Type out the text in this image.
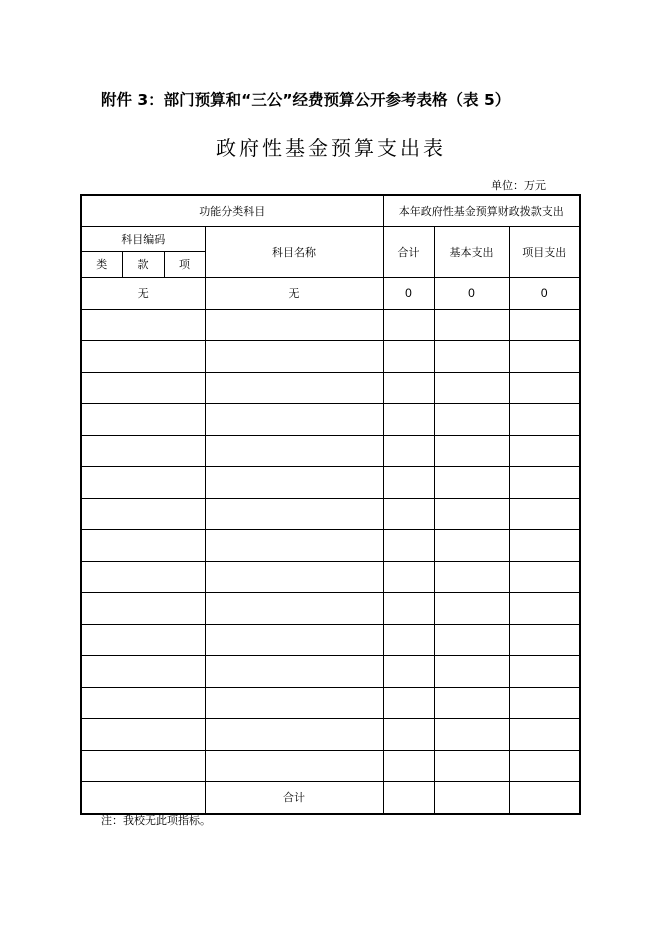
附件 3：部门预算和“三公”经费预算公开参考表格（表 5）
政府性基金预算支出表
单位：万元
功能分类科目				本年政府性基金预算财政拨款支出		
科目编码			科目名称	合计	基本支出	项目支出
类	款	项				
无			无	0	0	0

			合计			
注：我校无此项指标。
